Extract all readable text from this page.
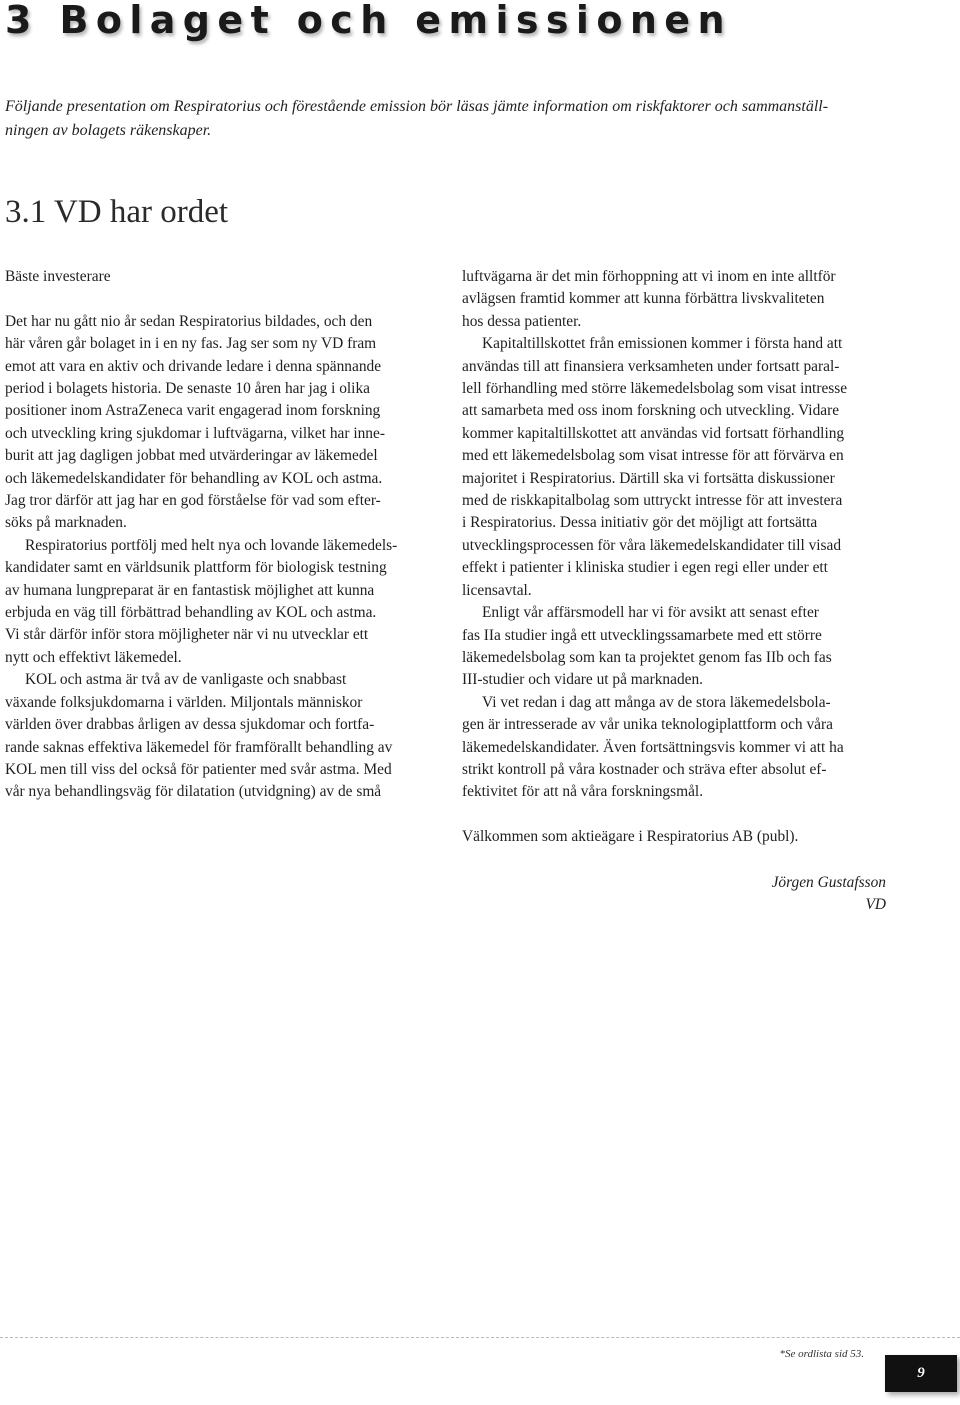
3 Bolaget och emissionen
Följande presentation om Respiratorius och förestående emission bör läsas jämte information om riskfaktorer och sammanställ-
ningen av bolagets räkenskaper.
3.1 VD har ordet

Bäste investerare

Det har nu gått nio år sedan Respiratorius bildades, och den

här våren går bolaget in i en ny fas. Jag ser som ny VD fram

emot att vara en aktiv och drivande ledare i denna spännande

period i bolagets historia. De senaste 10 åren har jag i olika

positioner inom AstraZeneca varit engagerad inom forskning

och utveckling kring sjukdomar i luftvägarna, vilket har inne-

burit att jag dagligen jobbat med utvärderingar av läkemedel

och läkemedelskandidater för behandling av KOL och astma.

Jag tror därför att jag har en god förståelse för vad som efter-

söks på marknaden.

Respiratorius portfölj med helt nya och lovande läkemedels-

kandidater samt en världsunik plattform för biologisk testning

av humana lungpreparat är en fantastisk möjlighet att kunna

erbjuda en väg till förbättrad behandling av KOL och astma.

Vi står därför inför stora möjligheter när vi nu utvecklar ett

nytt och effektivt läkemedel.

KOL och astma är två av de vanligaste och snabbast

växande folksjukdomarna i världen. Miljontals människor

världen över drabbas årligen av dessa sjukdomar och fortfa-

rande saknas effektiva läkemedel för framförallt behandling av

KOL men till viss del också för patienter med svår astma. Med

vår nya behandlingsväg för dilatation (utvidgning) av de små

luftvägarna är det min förhoppning att vi inom en inte alltför

avlägsen framtid kommer att kunna förbättra livskvaliteten

hos dessa patienter.

Kapitaltillskottet från emissionen kommer i första hand att

användas till att finansiera verksamheten under fortsatt paral-

lell förhandling med större läkemedelsbolag som visat intresse

att samarbeta med oss inom forskning och utveckling. Vidare

kommer kapitaltillskottet att användas vid fortsatt förhandling

med ett läkemedelsbolag som visat intresse för att förvärva en

majoritet i Respiratorius. Därtill ska vi fortsätta diskussioner

med de riskkapitalbolag som uttryckt intresse för att investera

i Respiratorius. Dessa initiativ gör det möjligt att fortsätta

utvecklingsprocessen för våra läkemedelskandidater till visad

effekt i patienter i kliniska studier i egen regi eller under ett

licensavtal.

Enligt vår affärsmodell har vi för avsikt att senast efter

fas IIa studier ingå ett utvecklingssamarbete med ett större

läkemedelsbolag som kan ta projektet genom fas IIb och fas

III-studier och vidare ut på marknaden.

Vi vet redan i dag att många av de stora läkemedelsbola-

gen är intresserade av vår unika teknologiplattform och våra

läkemedelskandidater. Även fortsättningsvis kommer vi att ha

strikt kontroll på våra kostnader och sträva efter absolut ef-

fektivitet för att nå våra forskningsmål.

Välkommen som aktieägare i Respiratorius AB (publ).

Jörgen Gustafsson
VD
*Se ordlista sid 53.
9
